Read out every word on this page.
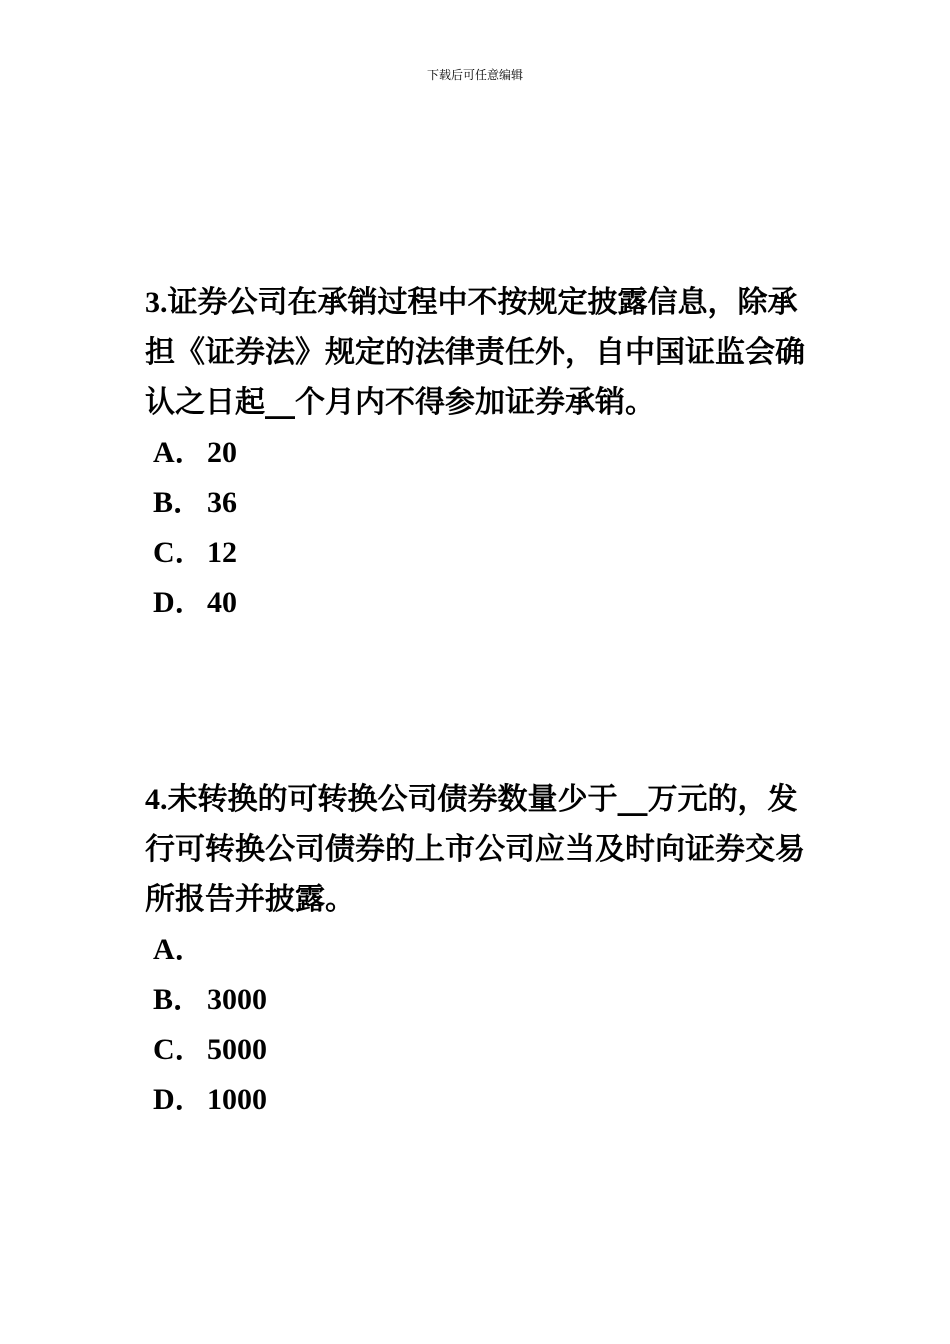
下载后可任意编辑

3.证券公司在承销过程中不按规定披露信息，除承担《证券法》规定的法律责任外，自中国证监会确认之日起__个月内不得参加证券承销。

A．20
B． 36
C．12
D．40

4.未转换的可转换公司债券数量少于__万元的，发行可转换公司债券的上市公司应当及时向证券交易所报告并披露。

A．
B． 3000
C．5000
D．1000
